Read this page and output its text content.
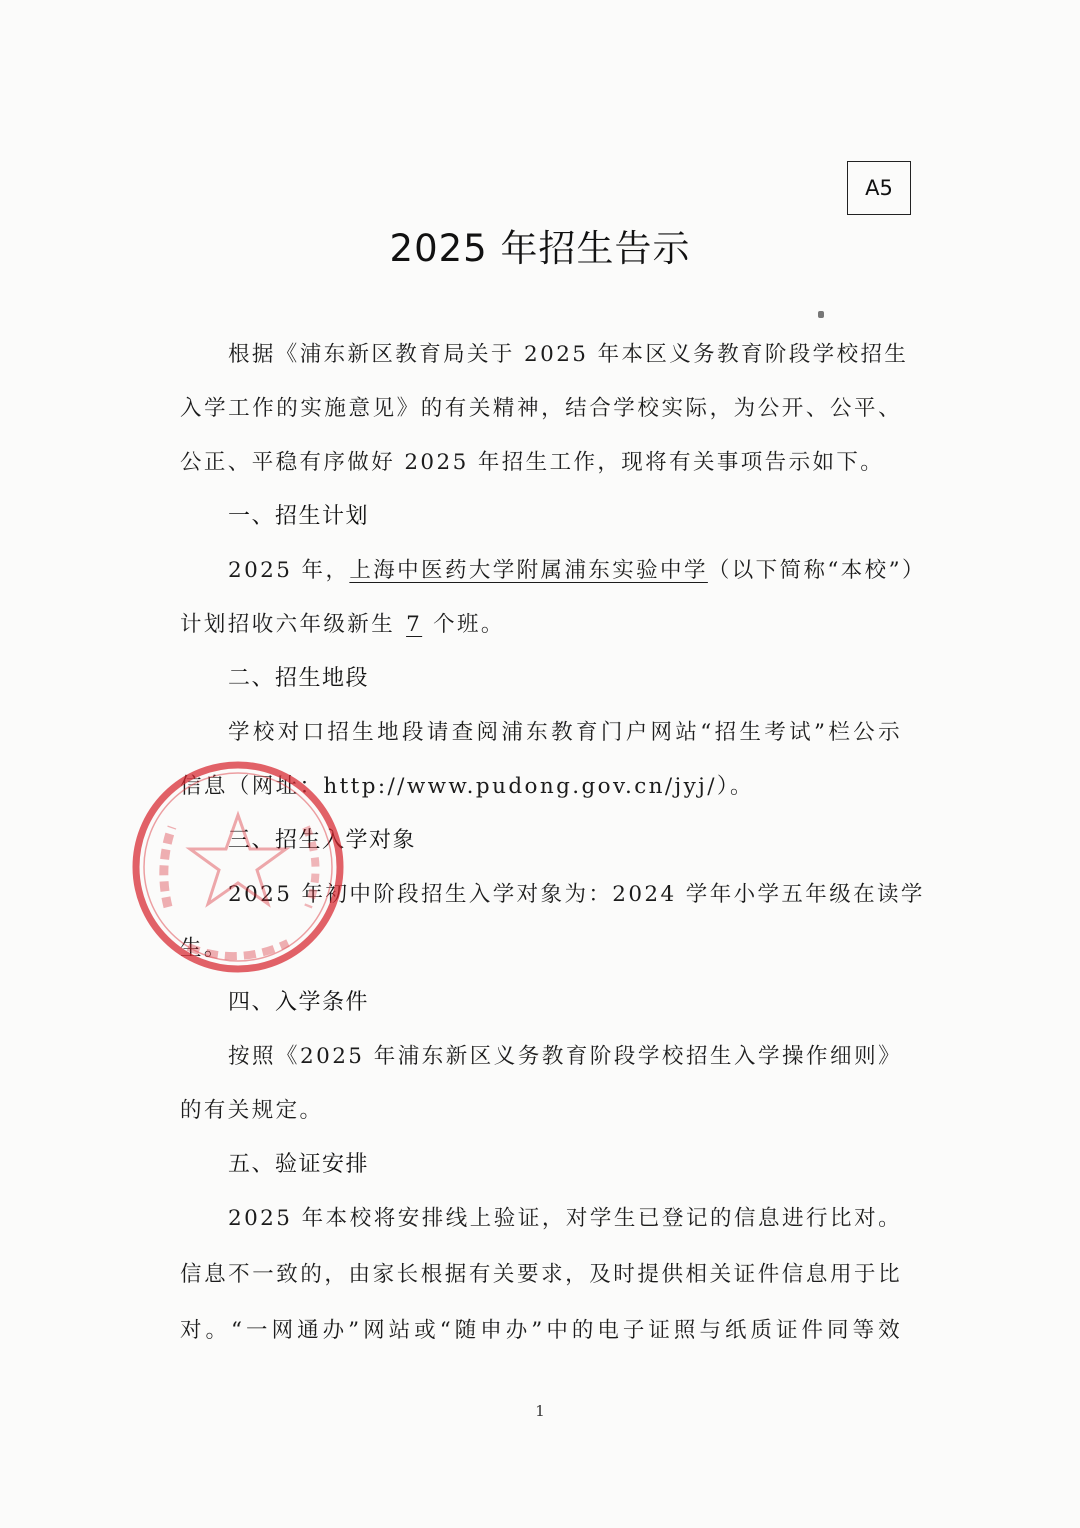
A5
2025 年招生告示
根据《浦东新区教育局关于 2025 年本区义务教育阶段学校招生
入学工作的实施意见》的有关精神，结合学校实际，为公开、公平、
公正、平稳有序做好 2025 年招生工作，现将有关事项告示如下。
一、招生计划
2025 年，上海中医药大学附属浦东实验中学（以下简称“本校”）
计划招收六年级新生 7 个班。
二、招生地段
学校对口招生地段请查阅浦东教育门户网站“招生考试”栏公示
信息（网址：http://www.pudong.gov.cn/jyj/）。
三、招生入学对象
2025 年初中阶段招生入学对象为：2024 学年小学五年级在读学
生。
四、入学条件
按照《2025 年浦东新区义务教育阶段学校招生入学操作细则》
的有关规定。
五、验证安排
2025 年本校将安排线上验证，对学生已登记的信息进行比对。
信息不一致的，由家长根据有关要求，及时提供相关证件信息用于比
对。“一网通办”网站或“随申办”中的电子证照与纸质证件同等效
1
